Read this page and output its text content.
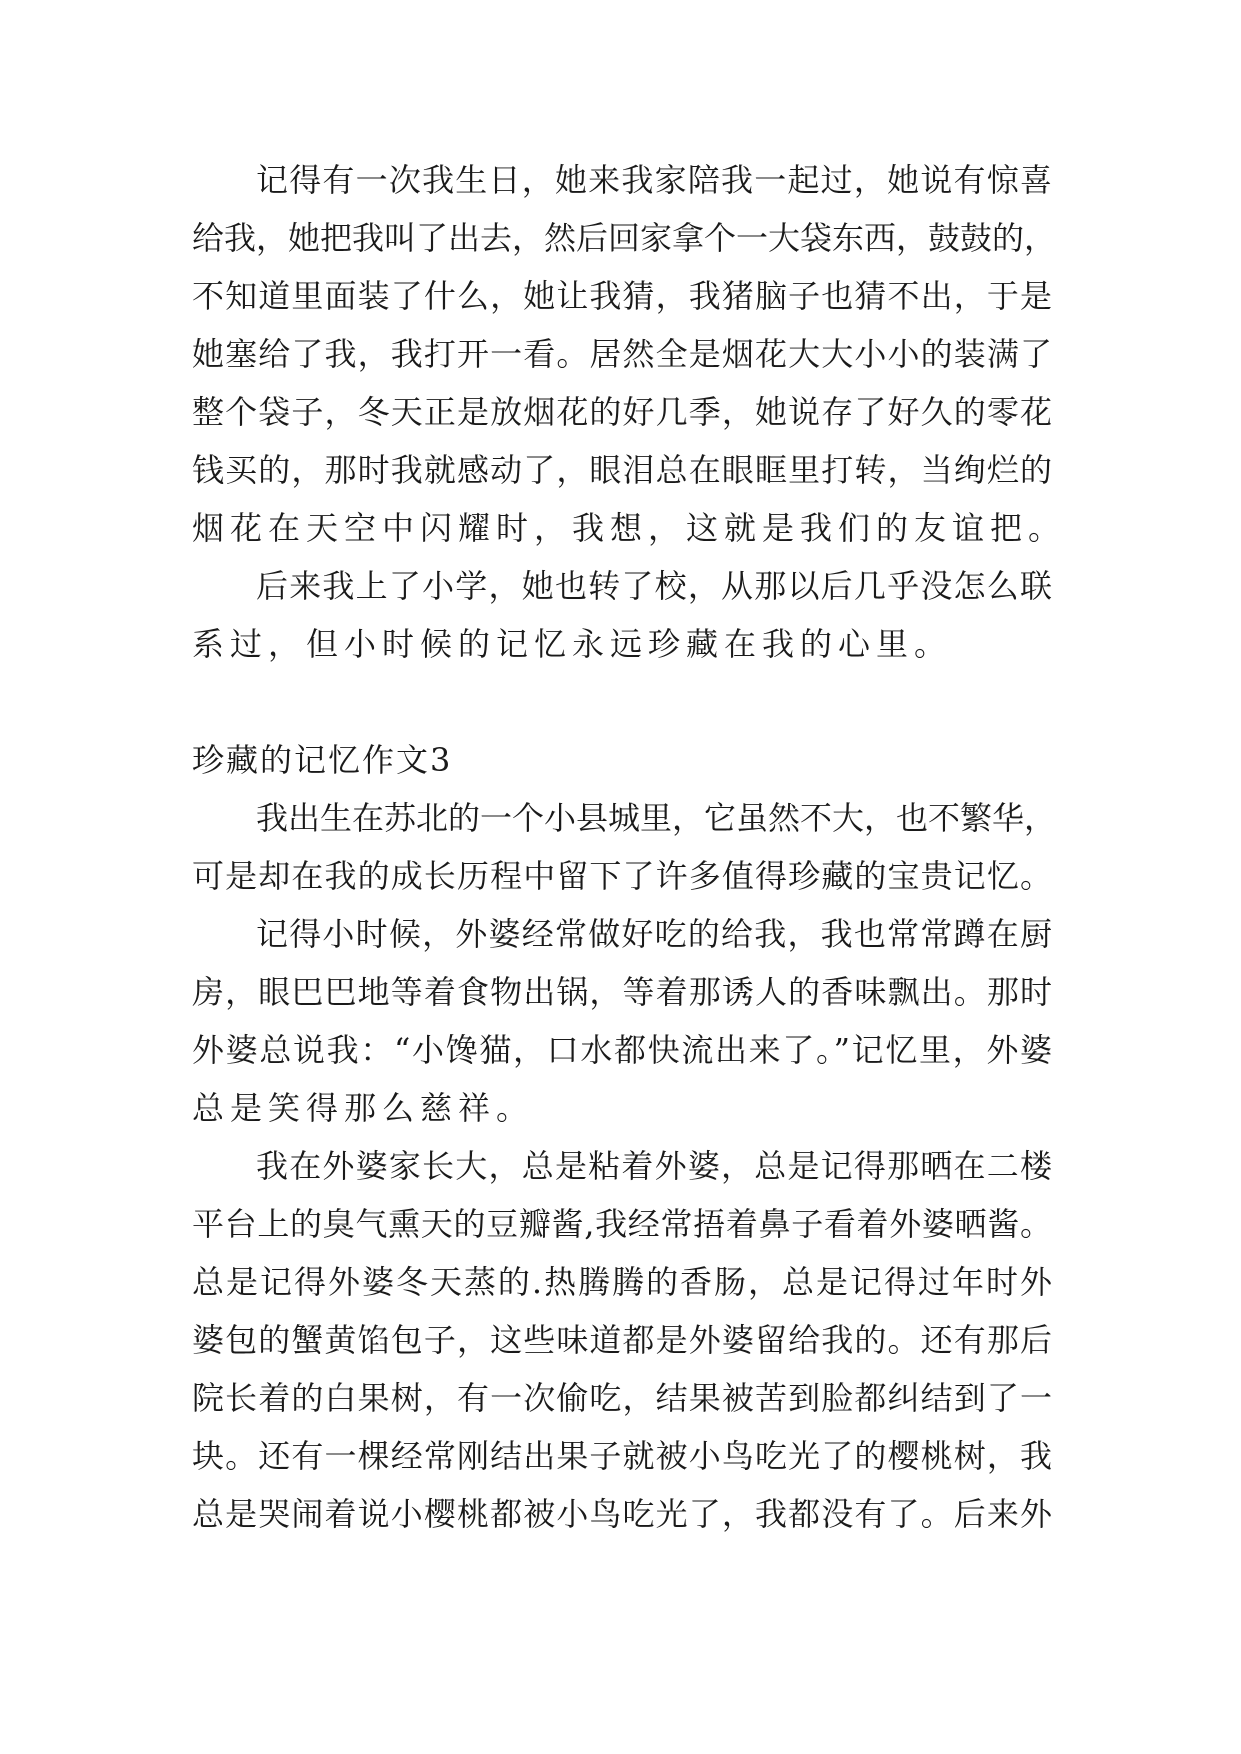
记得有一次我生日，她来我家陪我一起过，她说有惊喜
给我，她把我叫了出去，然后回家拿个一大袋东西，鼓鼓的，
不知道里面装了什么，她让我猜，我猪脑子也猜不出，于是
她塞给了我，我打开一看。居然全是烟花大大小小的装满了
整个袋子，冬天正是放烟花的好几季，她说存了好久的零花
钱买的，那时我就感动了，眼泪总在眼眶里打转，当绚烂的
烟花在天空中闪耀时，我想，这就是我们的友谊把。
后来我上了小学，她也转了校，从那以后几乎没怎么联
系过，但小时候的记忆永远珍藏在我的心里。
珍藏的记忆作文3
我出生在苏北的一个小县城里，它虽然不大，也不繁华，
可是却在我的成长历程中留下了许多值得珍藏的宝贵记忆。
记得小时候，外婆经常做好吃的给我，我也常常蹲在厨
房，眼巴巴地等着食物出锅，等着那诱人的香味飘出。那时
外婆总说我：“小馋猫，口水都快流出来了。”记忆里，外婆
总是笑得那么慈祥。
我在外婆家长大，总是粘着外婆，总是记得那晒在二楼
平台上的臭气熏天的豆瓣酱,我经常捂着鼻子看着外婆晒酱。
总是记得外婆冬天蒸的.热腾腾的香肠，总是记得过年时外
婆包的蟹黄馅包子，这些味道都是外婆留给我的。还有那后
院长着的白果树，有一次偷吃，结果被苦到脸都纠结到了一
块。还有一棵经常刚结出果子就被小鸟吃光了的樱桃树，我
总是哭闹着说小樱桃都被小鸟吃光了，我都没有了。后来外
